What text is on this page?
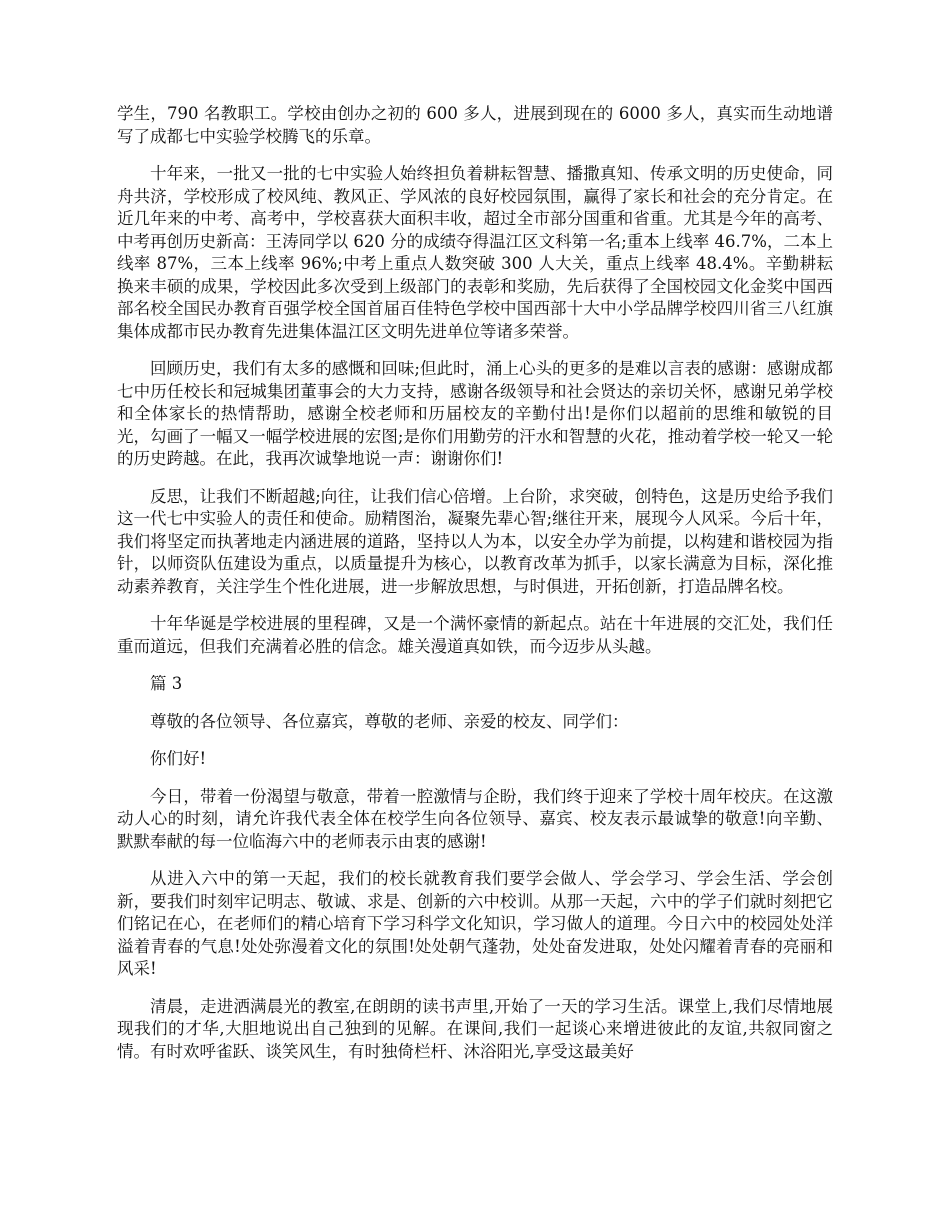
学生，790 名教职工。学校由创办之初的 600 多人，进展到现在的 6000 多人，真实而生动地谱写了成都七中实验学校腾飞的乐章。

十年来，一批又一批的七中实验人始终担负着耕耘智慧、播撒真知、传承文明的历史使命，同舟共济，学校形成了校风纯、教风正、学风浓的良好校园氛围，赢得了家长和社会的充分肯定。在近几年来的中考、高考中，学校喜获大面积丰收，超过全市部分国重和省重。尤其是今年的高考、中考再创历史新高：王涛同学以 620 分的成绩夺得温江区文科第一名;重本上线率 46.7%，二本上线率 87%，三本上线率 96%;中考上重点人数突破 300 人大关，重点上线率 48.4%。辛勤耕耘换来丰硕的成果，学校因此多次受到上级部门的表彰和奖励，先后获得了全国校园文化金奖中国西部名校全国民办教育百强学校全国首届百佳特色学校中国西部十大中小学品牌学校四川省三八红旗集体成都市民办教育先进集体温江区文明先进单位等诸多荣誉。

回顾历史，我们有太多的感慨和回味;但此时，涌上心头的更多的是难以言表的感谢：感谢成都七中历任校长和冠城集团董事会的大力支持，感谢各级领导和社会贤达的亲切关怀，感谢兄弟学校和全体家长的热情帮助，感谢全校老师和历届校友的辛勤付出!是你们以超前的思维和敏锐的目光，勾画了一幅又一幅学校进展的宏图;是你们用勤劳的汗水和智慧的火花，推动着学校一轮又一轮的历史跨越。在此，我再次诚挚地说一声：谢谢你们!

反思，让我们不断超越;向往，让我们信心倍增。上台阶，求突破，创特色，这是历史给予我们这一代七中实验人的责任和使命。励精图治，凝聚先辈心智;继往开来，展现今人风采。今后十年，我们将坚定而执著地走内涵进展的道路，坚持以人为本，以安全办学为前提，以构建和谐校园为指针，以师资队伍建设为重点，以质量提升为核心，以教育改革为抓手，以家长满意为目标，深化推动素养教育，关注学生个性化进展，进一步解放思想，与时俱进，开拓创新，打造品牌名校。

十年华诞是学校进展的里程碑，又是一个满怀豪情的新起点。站在十年进展的交汇处，我们任重而道远，但我们充满着必胜的信念。雄关漫道真如铁，而今迈步从头越。

篇 3

尊敬的各位领导、各位嘉宾，尊敬的老师、亲爱的校友、同学们：

你们好!

今日，带着一份渴望与敬意，带着一腔激情与企盼，我们终于迎来了学校十周年校庆。在这激动人心的时刻，请允许我代表全体在校学生向各位领导、嘉宾、校友表示最诚挚的敬意!向辛勤、默默奉献的每一位临海六中的老师表示由衷的感谢!

从进入六中的第一天起，我们的校长就教育我们要学会做人、学会学习、学会生活、学会创新，要我们时刻牢记明志、敬诚、求是、创新的六中校训。从那一天起，六中的学子们就时刻把它们铭记在心，在老师们的精心培育下学习科学文化知识，学习做人的道理。今日六中的校园处处洋溢着青春的气息!处处弥漫着文化的氛围!处处朝气蓬勃，处处奋发进取，处处闪耀着青春的亮丽和风采!

清晨，走进洒满晨光的教室,在朗朗的读书声里,开始了一天的学习生活。课堂上,我们尽情地展现我们的才华,大胆地说出自己独到的见解。在课间,我们一起谈心来增进彼此的友谊,共叙同窗之情。有时欢呼雀跃、谈笑风生，有时独倚栏杆、沐浴阳光,享受这最美好
